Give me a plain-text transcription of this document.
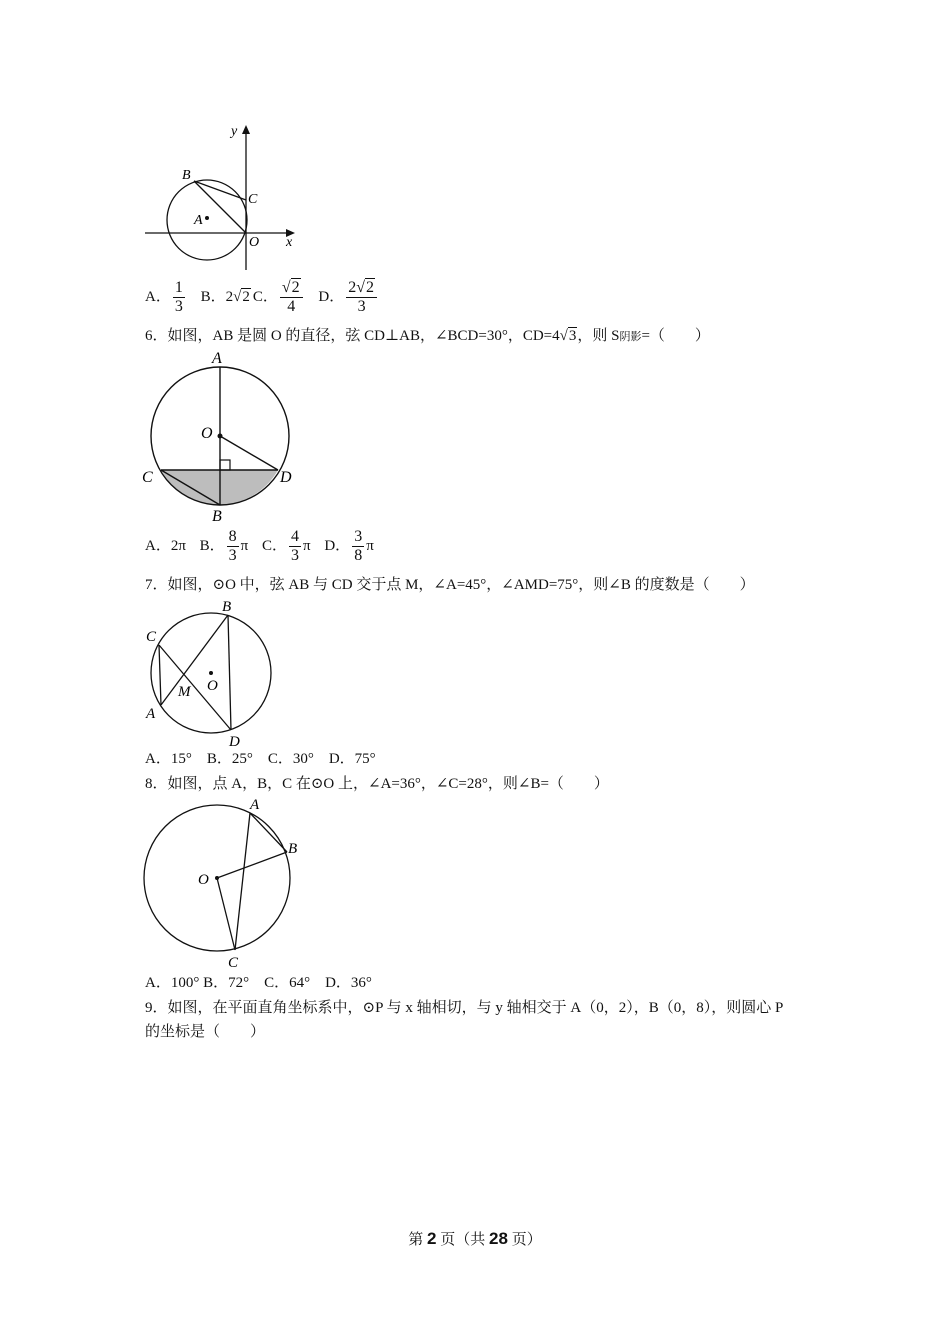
y
B
C
A
O x
A． $\frac{1}{3}$ B．2√2 C． $\frac{√2}{4}$ D． $\frac{2√2}{3}$
6．如图，AB 是圆 O 的直径，弦 CD⊥AB，∠BCD=30°，CD=4√3，则 S阴影=（　　）
A
O
C	D
B
A．2π B． $\frac{8}{3}$ π C． $\frac{4}{3}$ π D． $\frac{3}{8}$ π
7．如图，⊙O 中，弦 AB 与 CD 交于点 M，∠A=45°，∠AMD=75°，则∠B 的度数是（　　）
B
C
O
M
A
D
A．15°　B．25°　C．30°　D．75°
8．如图，点 A，B，C 在⊙O 上，∠A=36°，∠C=28°，则∠B=（　　）
A
B
O
C
A．100° B．72°　C．64°　D．36°
9．如图，在平面直角坐标系中，⊙P 与 x 轴相切，与 y 轴相交于 A（0，2），B（0，8），则圆心 P
的坐标是（　　）
第 2 页（共 28 页）
